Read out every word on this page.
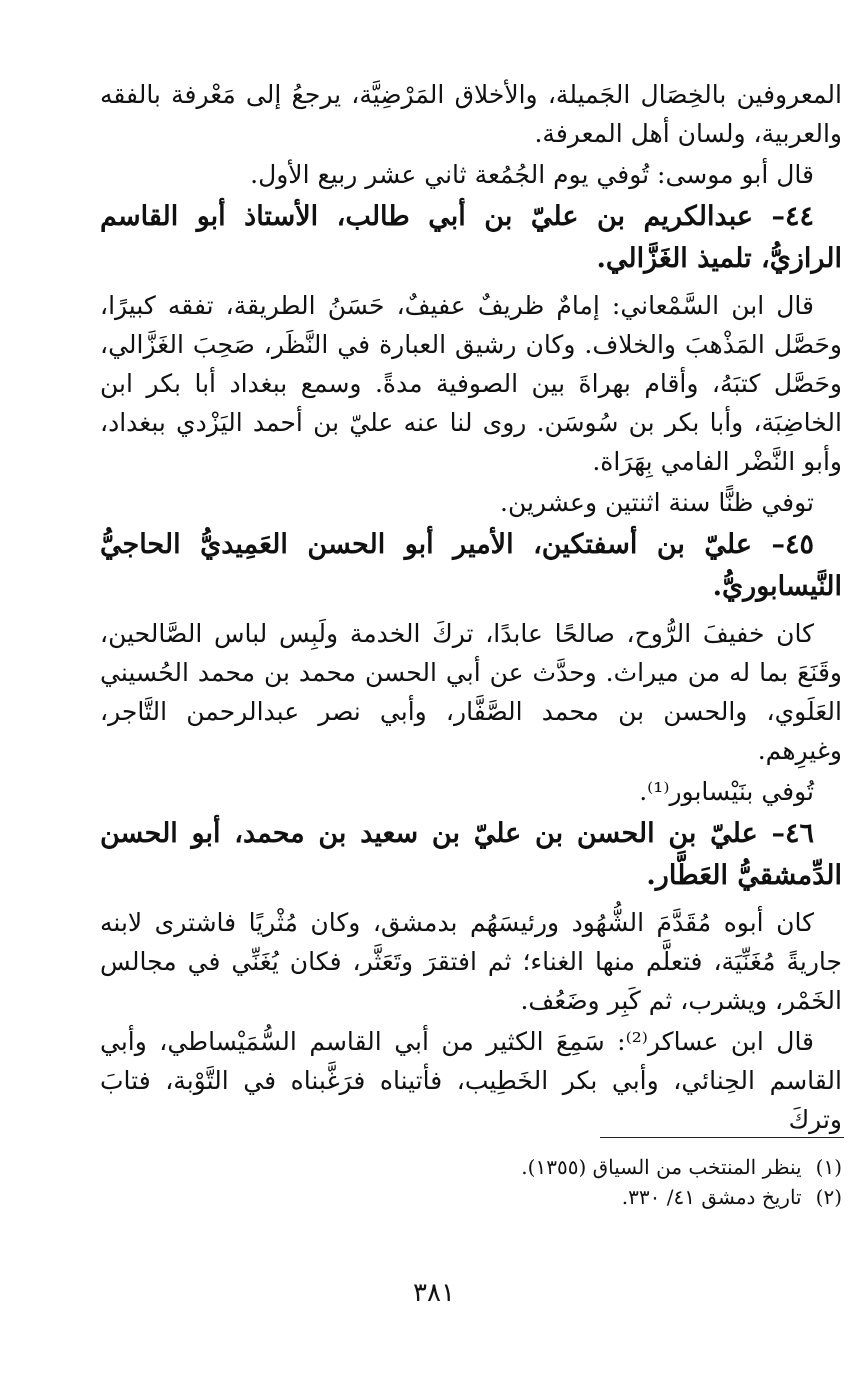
المعروفين بالخِصَال الجَميلة، والأخلاق المَرْضِيَّة، يرجعُ إلى مَعْرفة بالفقه والعربية، ولسان أهل المعرفة.

قال أبو موسى: تُوفي يوم الجُمُعة ثاني عشر ربيع الأول.

٤٤– عبدالكريم بن عليّ بن أبي طالب، الأستاذ أبو القاسم الرازيُّ، تلميذ الغَزَّالي.

قال ابن السَّمْعاني: إمامٌ ظريفٌ عفيفٌ، حَسَنُ الطريقة، تفقه كبيرًا، وحَصَّل المَذْهبَ والخلاف. وكان رشيق العبارة في النَّظَر، صَحِبَ الغَزَّالي، وحَصَّل كتبَهُ، وأقام بهراةَ بين الصوفية مدةً. وسمع ببغداد أبا بكر ابن الخاضِبَة، وأبا بكر بن سُوسَن. روى لنا عنه عليّ بن أحمد اليَزْدي ببغداد، وأبو النَّضْر الفامي بِهَرَاة.

توفي ظنًّا سنة اثنتين وعشرين.

٤٥– عليّ بن أسفتكين، الأمير أبو الحسن العَمِيديُّ الحاجيُّ النَّيسابوريُّ.

كان خفيفَ الرُّوح، صالحًا عابدًا، تركَ الخدمة ولَبِس لباس الصَّالحين، وقَنَعَ بما له من ميراث. وحدَّث عن أبي الحسن محمد بن محمد الحُسيني العَلَوي، والحسن بن محمد الصَّفَّار، وأبي نصر عبدالرحمن التَّاجر، وغيرِهم.

تُوفي بنَيْسابور⁽¹⁾.

٤٦– عليّ بن الحسن بن عليّ بن سعيد بن محمد، أبو الحسن الدِّمشقيُّ العَطَّار.

كان أبوه مُقَدَّمَ الشُّهُود ورئيسَهُم بدمشق، وكان مُثْريًا فاشترى لابنه جاريةً مُغَنِّيَة، فتعلَّم منها الغناء؛ ثم افتقرَ وتَعَثَّر، فكان يُغَنِّي في مجالس الخَمْر، ويشرب، ثم كَبِر وضَعُف.

قال ابن عساكر⁽²⁾: سَمِعَ الكثير من أبي القاسم السُّمَيْساطي، وأبي القاسم الحِنائي، وأبي بكر الخَطِيب، فأتيناه فرَغَّبناه في التَّوْبة، فتابَ وتركَ

(١)ينظر المنتخب من السياق (١٣٥٥).

(٢)تاريخ دمشق ٤١/ ٣٣٠.

٣٨١
